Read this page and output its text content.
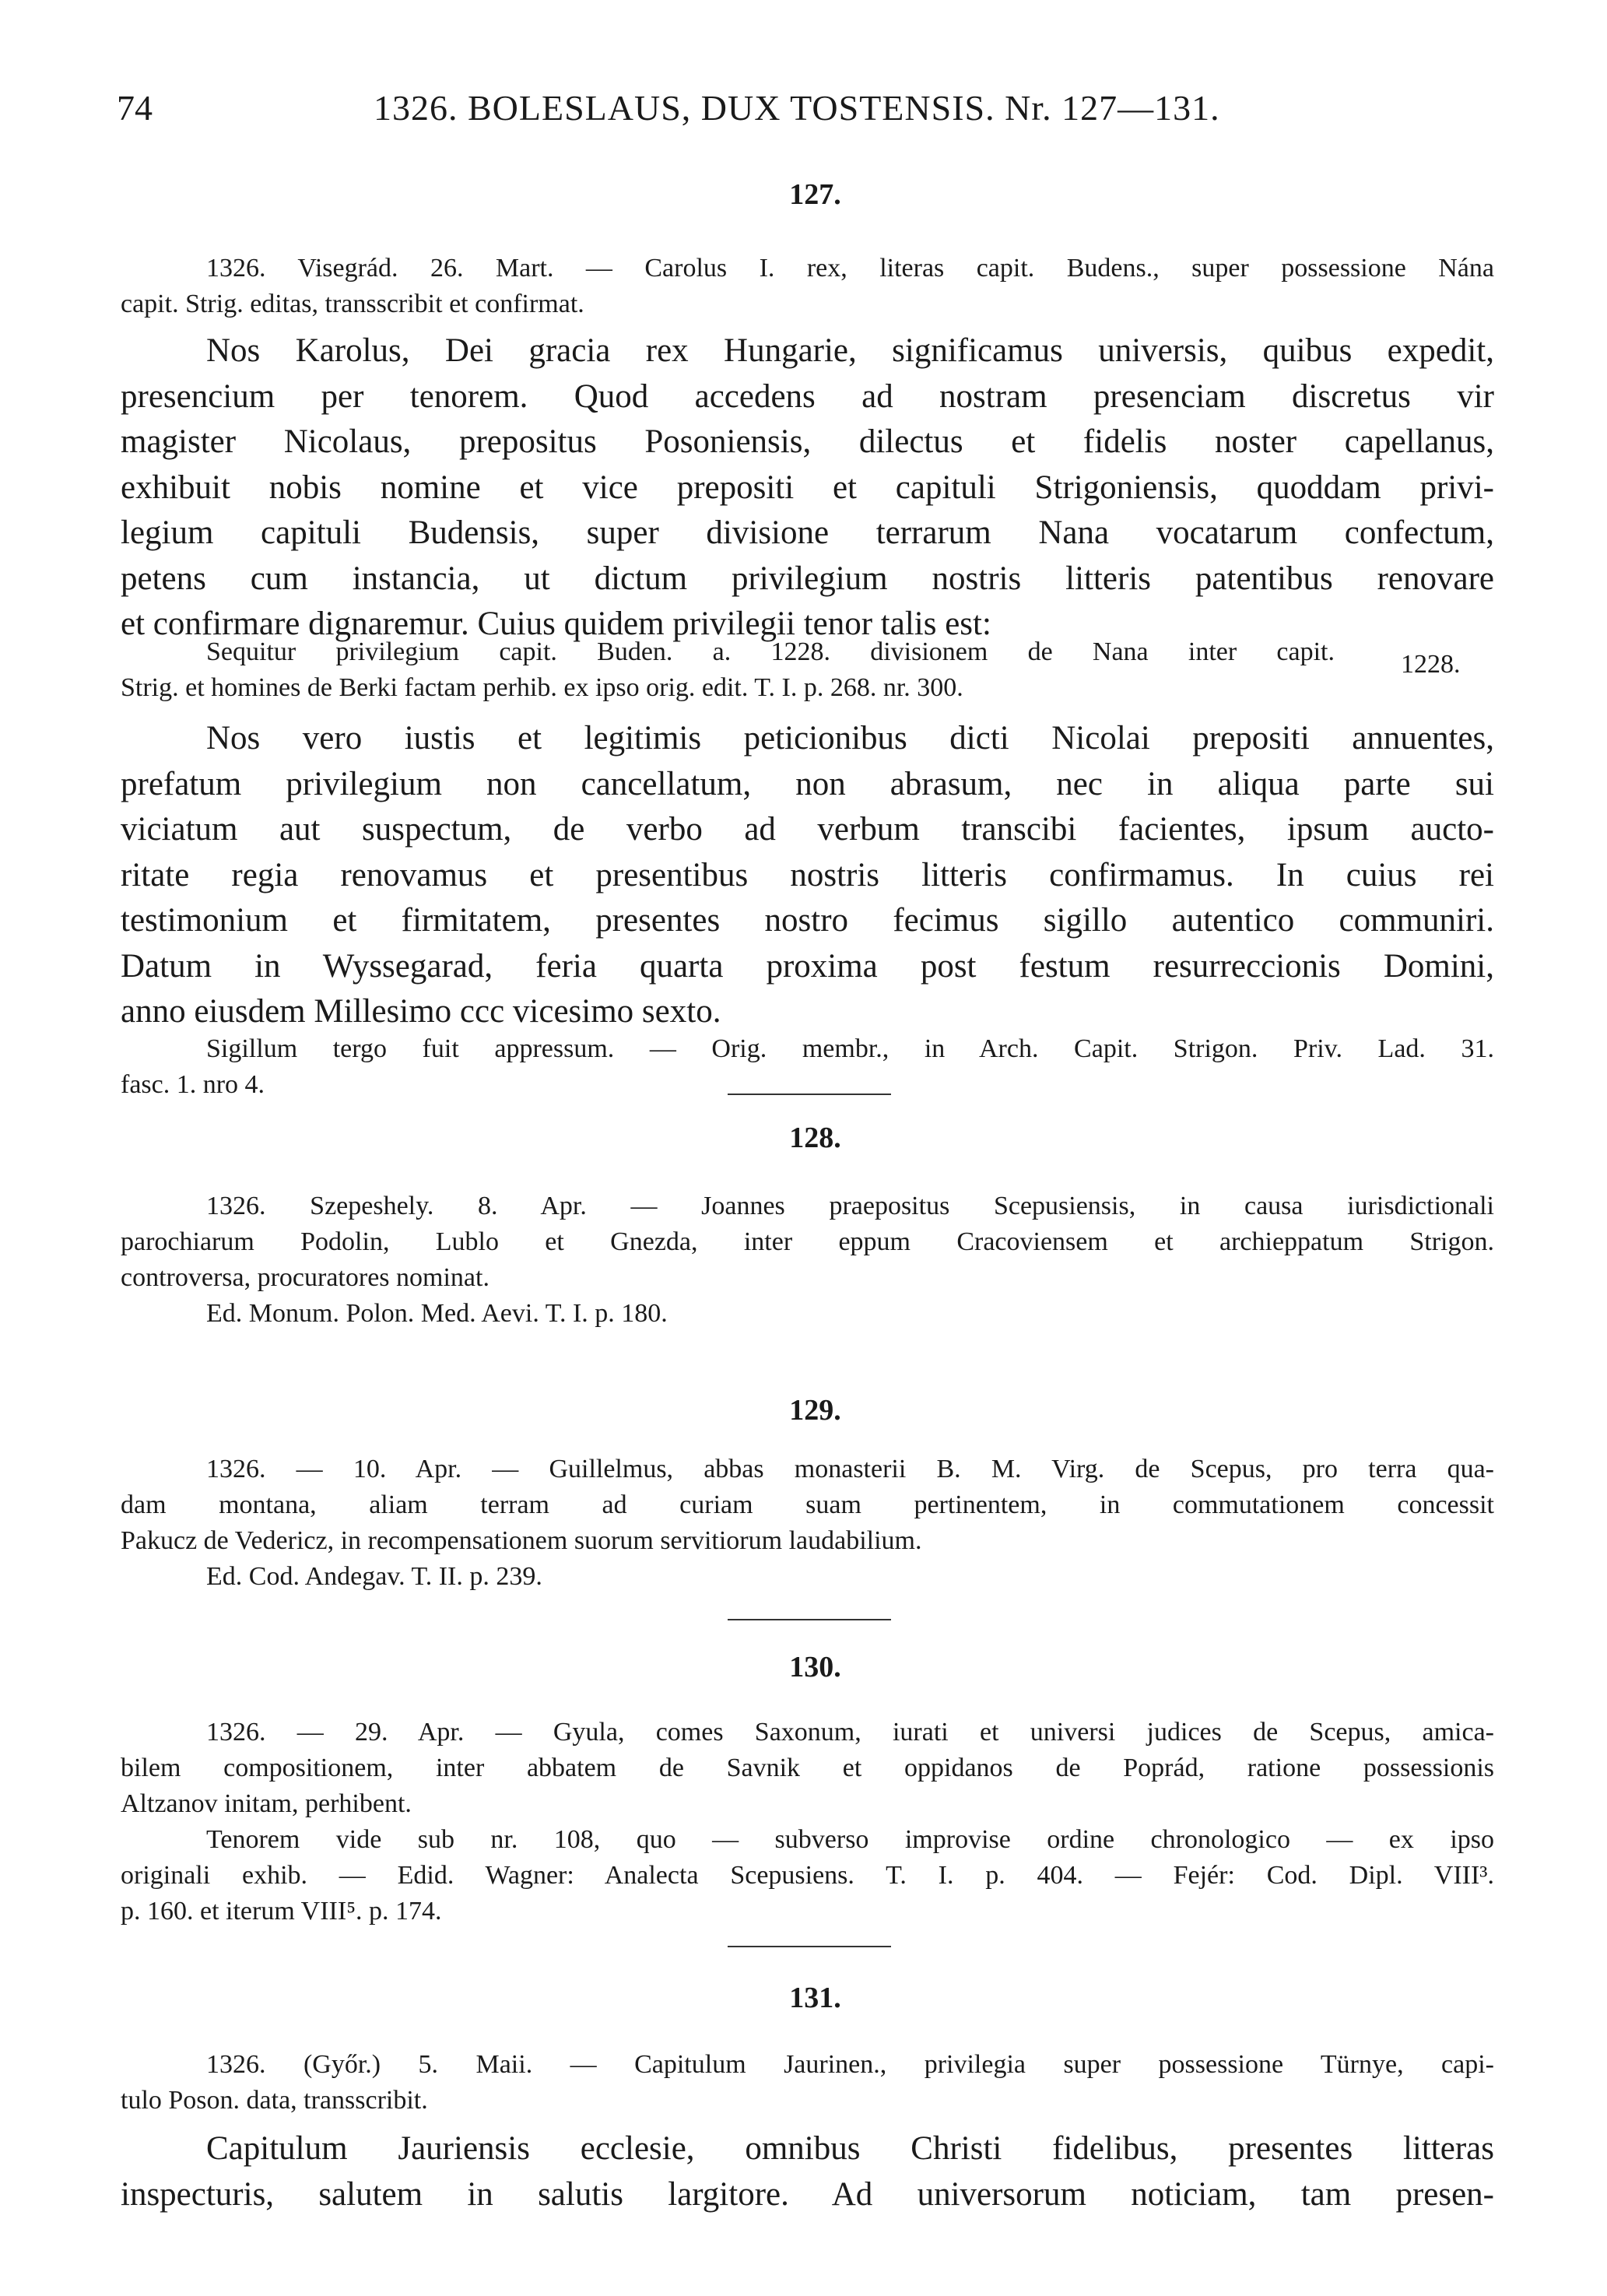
74	1326. BOLESLAUS, DUX TOSTENSIS. Nr. 127—131.
127.
1326. Visegrád. 26. Mart. — Carolus I. rex, literas capit. Budens., super possessione Nána
capit. Strig. editas, transscribit et confirmat.
Nos Karolus, Dei gracia rex Hungarie, significamus universis, quibus expedit,
presencium per tenorem. Quod accedens ad nostram presenciam discretus vir
magister Nicolaus, prepositus Posoniensis, dilectus et fidelis noster capellanus,
exhibuit nobis nomine et vice prepositi et capituli Strigoniensis, quoddam privi-
legium capituli Budensis, super divisione terrarum Nana vocatarum confectum,
petens cum instancia, ut dictum privilegium nostris litteris patentibus renovare
et confirmare dignaremur. Cuius quidem privilegii tenor talis est:
Sequitur privilegium capit. Buden. a. 1228. divisionem de Nana inter capit.
Strig. et homines de Berki factam perhib. ex ipso orig. edit. T. I. p. 268. nr. 300.
1228.
Nos vero iustis et legitimis peticionibus dicti Nicolai prepositi annuentes,
prefatum privilegium non cancellatum, non abrasum, nec in aliqua parte sui
viciatum aut suspectum, de verbo ad verbum transcibi facientes, ipsum aucto-
ritate regia renovamus et presentibus nostris litteris confirmamus. In cuius rei
testimonium et firmitatem, presentes nostro fecimus sigillo autentico communiri.
Datum in Wyssegarad, feria quarta proxima post festum resurreccionis Domini,
anno eiusdem Millesimo ccc vicesimo sexto.
Sigillum tergo fuit appressum. — Orig. membr., in Arch. Capit. Strigon. Priv. Lad. 31.
fasc. 1. nro 4.
128.
1326. Szepeshely. 8. Apr. — Joannes praepositus Scepusiensis, in causa iurisdictionali
parochiarum Podolin, Lublo et Gnezda, inter eppum Cracoviensem et archieppatum Strigon.
controversa, procuratores nominat.
Ed. Monum. Polon. Med. Aevi. T. I. p. 180.
129.
1326. — 10. Apr. — Guillelmus, abbas monasterii B. M. Virg. de Scepus, pro terra qua-
dam montana, aliam terram ad curiam suam pertinentem, in commutationem concessit
Pakucz de Vedericz, in recompensationem suorum servitiorum laudabilium.
Ed. Cod. Andegav. T. II. p. 239.
130.
1326. — 29. Apr. — Gyula, comes Saxonum, iurati et universi judices de Scepus, amica-
bilem compositionem, inter abbatem de Savnik et oppidanos de Poprád, ratione possessionis
Altzanov initam, perhibent.
Tenorem vide sub nr. 108, quo — subverso improvise ordine chronologico — ex ipso
originali exhib. — Edid. Wagner: Analecta Scepusiens. T. I. p. 404. — Fejér: Cod. Dipl. VIII³.
p. 160. et iterum VIII⁵. p. 174.
131.
1326. (Győr.) 5. Maii. — Capitulum Jaurinen., privilegia super possessione Türnye, capi-
tulo Poson. data, transscribit.
Capitulum Jauriensis ecclesie, omnibus Christi fidelibus, presentes litteras
inspecturis, salutem in salutis largitore. Ad universorum noticiam, tam presen-
